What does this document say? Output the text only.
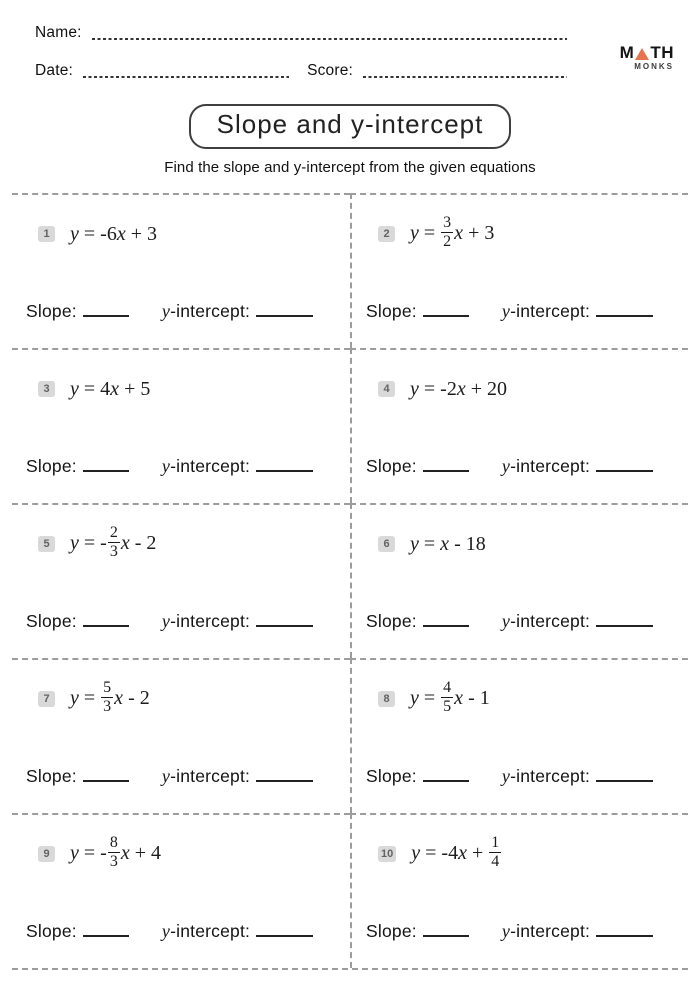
Name:
Date:	Score:
M TH
MONKS
Slope and y-intercept
Find the slope and y-intercept from the given equations
1 y = -6x + 3
Slope:	y-intercept:
2 $y = \frac{3}{2}$ x + 3
Slope:	y-intercept:
3 y = 4x + 5
Slope:	y-intercept:
4 y = -2x + 20
Slope:	y-intercept:
5 y = - $\frac{2}{3}$ x - 2
Slope:	y-intercept:
6 y = x - 18
Slope:	y-intercept:
7 $y = \frac{5}{3}$ x - 2
Slope:	y-intercept:
8 $y = \frac{4}{5}$ x - 1
Slope:	y-intercept:
9 y = - $\frac{8}{3}$ x + 4
Slope:	y-intercept:
10 $y = -4x + \frac{1}{4}$
Slope:	y-intercept:
